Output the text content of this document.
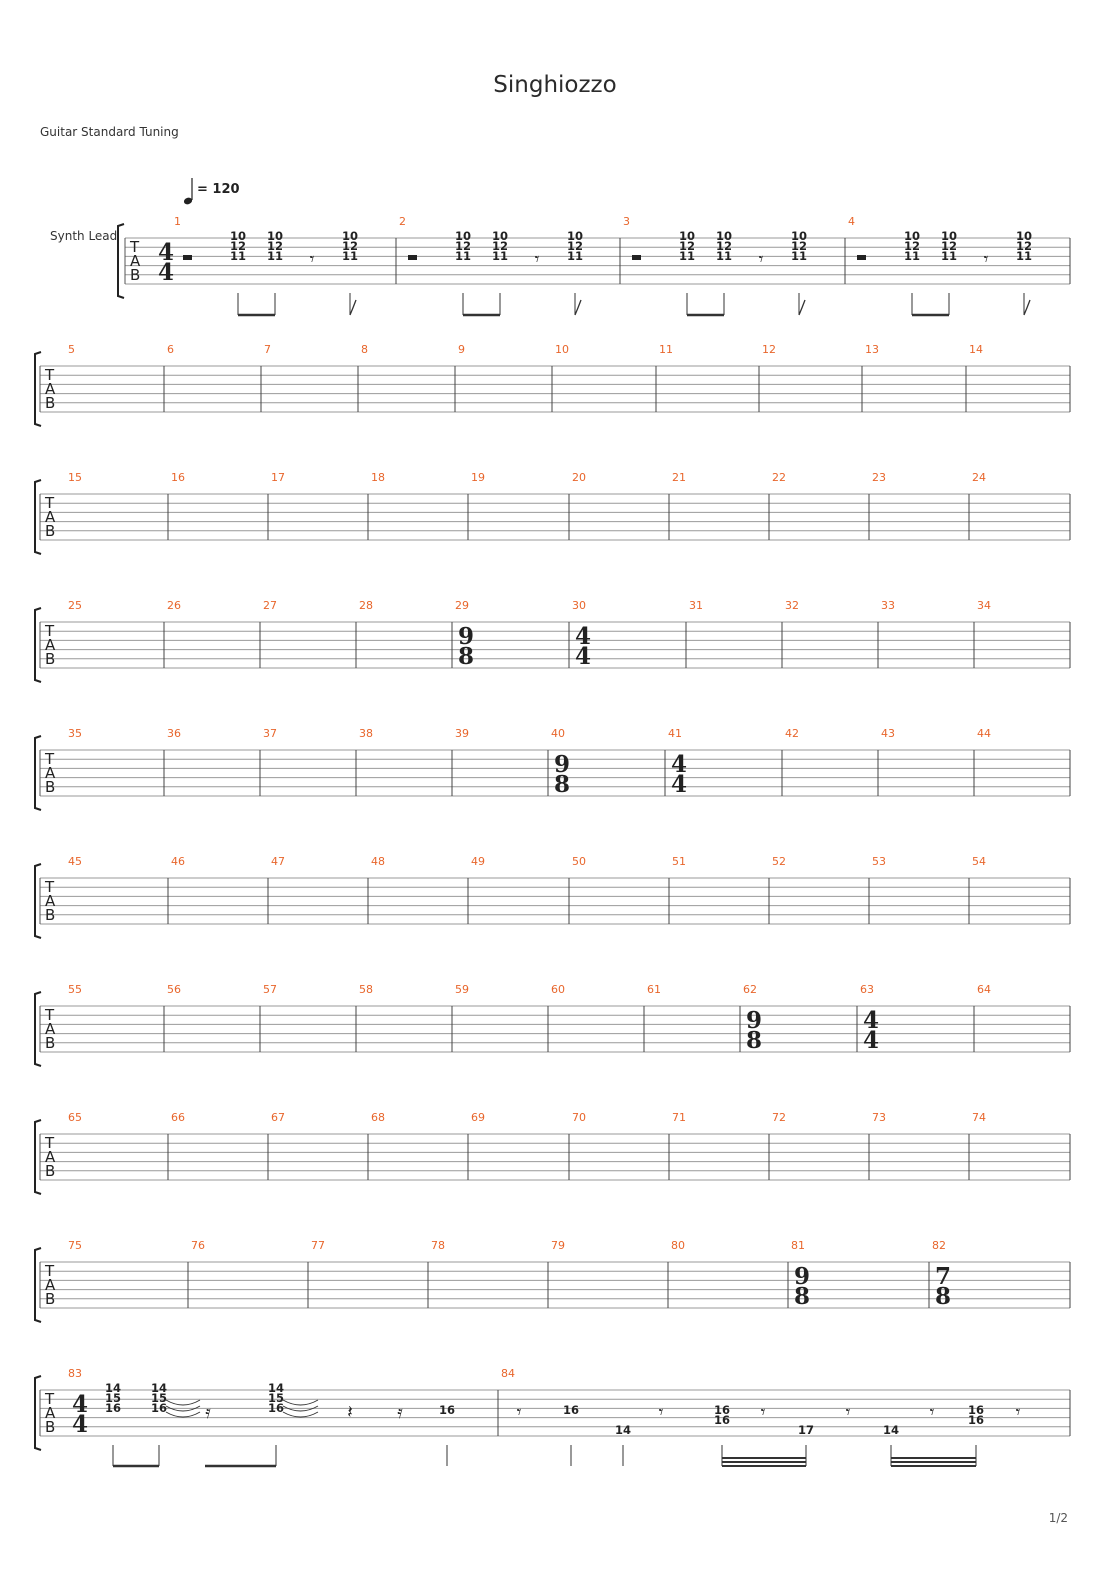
Singhiozzo
Guitar Standard Tuning
1/2
T
A
B
1
4
4
2	3	4
T
A
B
5	6	7	8	9	10	11	12	13	14
T
A
B
15	16	17	18	19	20	21	22	23	24
T
A
B
25	26	27	28	29
9
8
30
4
4
31	32	33	34
T
A
B
35	36	37	38	39	40
9
8
41
4
4
42	43	44
T
A
B
45	46	47	48	49	50	51	52	53	54
T
A
B
55	56	57	58	59	60	61	62
9
8
63
4
4
64
T
A
B
65	66	67	68	69	70	71	72	73	74
T
A
B
75	76	77	78	79	80	81
9
8
82
7
8
T
A
B
83
4
4
84
Synth Lead
= 120
10
12
11
10
12
11
10
12
11
𝄾
10
12
11
10
12
11
10
12
11
𝄾
10
12
11
10
12
11
10
12
11
𝄾
10
12
11
10
12
11
10
12
11
𝄾
14
15
16
14
15
16
14
15
16
𝄿	𝄽 𝄿	16	16
14
16
16
17	14
16
16
𝄾	𝄾	𝄾	𝄾	𝄾	𝄾
